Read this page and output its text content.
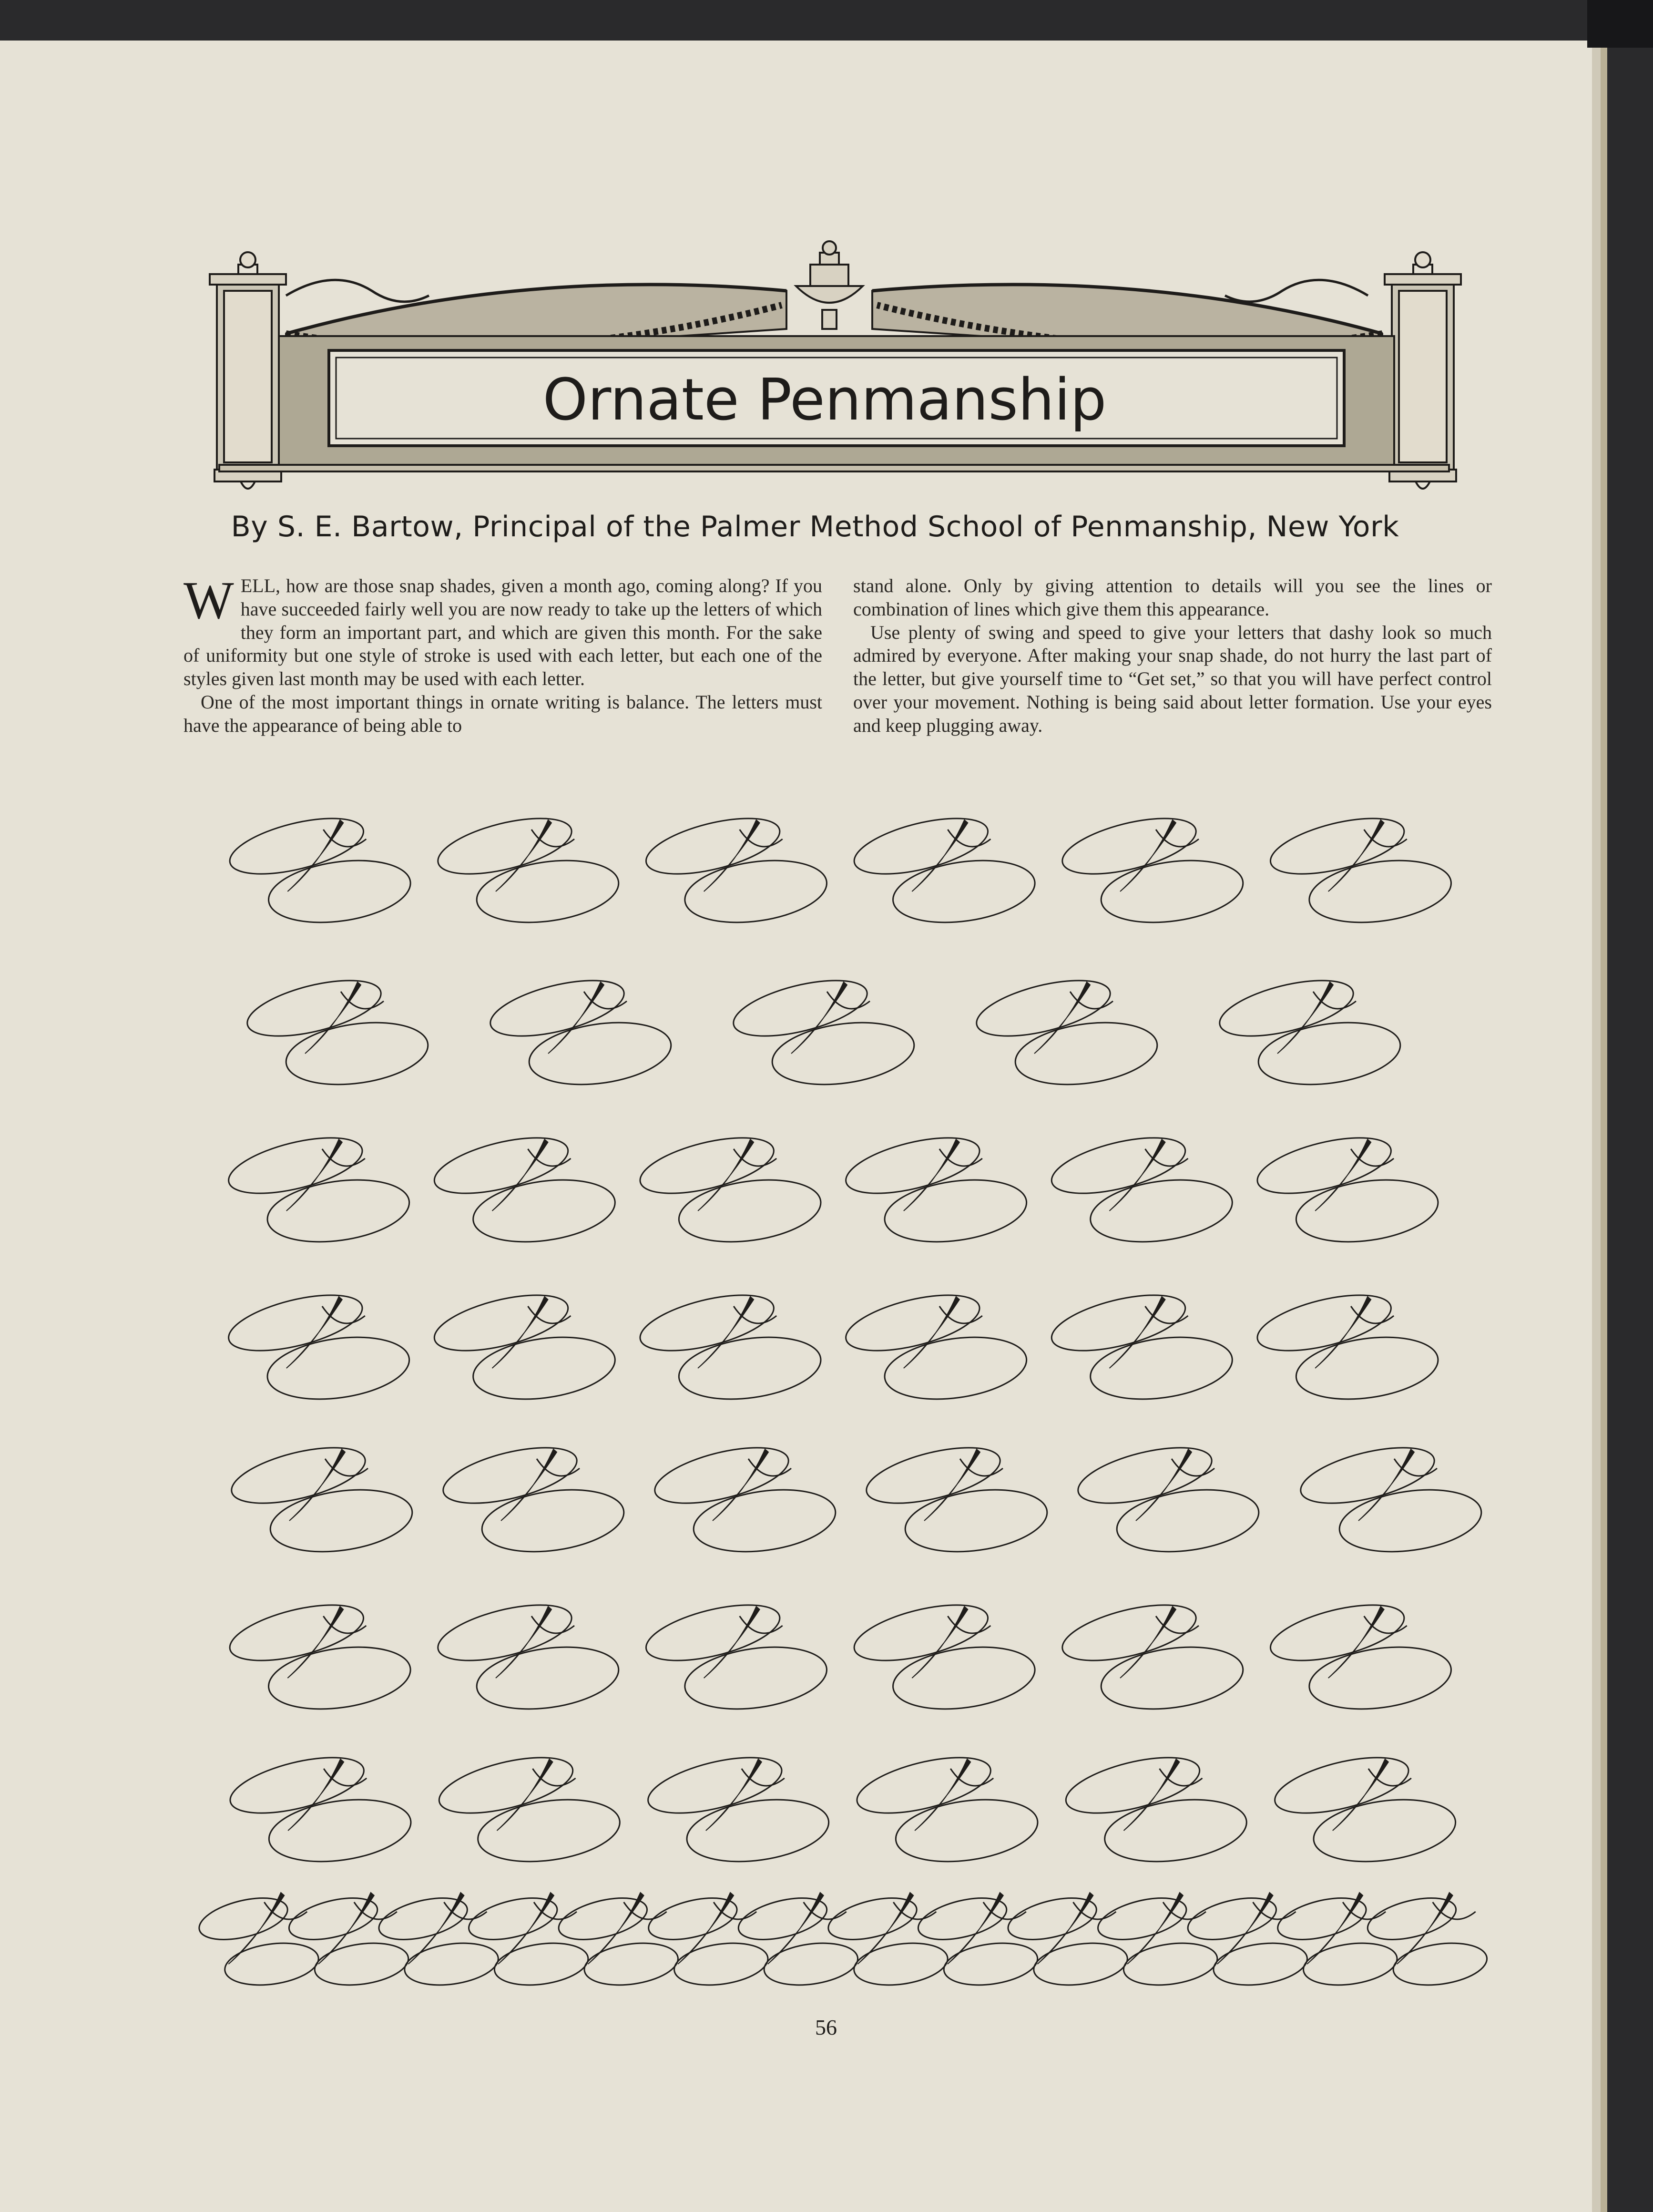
Ornate Penmanship
By S. E. Bartow, Principal of the Palmer Method School of Penmanship, New York

WELL, how are those snap shades, given a month ago, coming along? If you have succeeded fairly well you are now ready to take up the letters of which they form an important part, and which are given this month. For the sake of uniformity but one style of stroke is used with each letter, but each one of the styles given last month may be used with each letter.

One of the most important things in ornate writing is balance. The letters must have the appearance of being able to

stand alone. Only by giving attention to details will you see the lines or combination of lines which give them this appearance.

Use plenty of swing and speed to give your letters that dashy look so much admired by everyone. After making your snap shade, do not hurry the last part of the letter, but give yourself time to “Get set,” so that you will have perfect control over your movement. Nothing is being said about letter formation. Use your eyes and keep plugging away.

56
